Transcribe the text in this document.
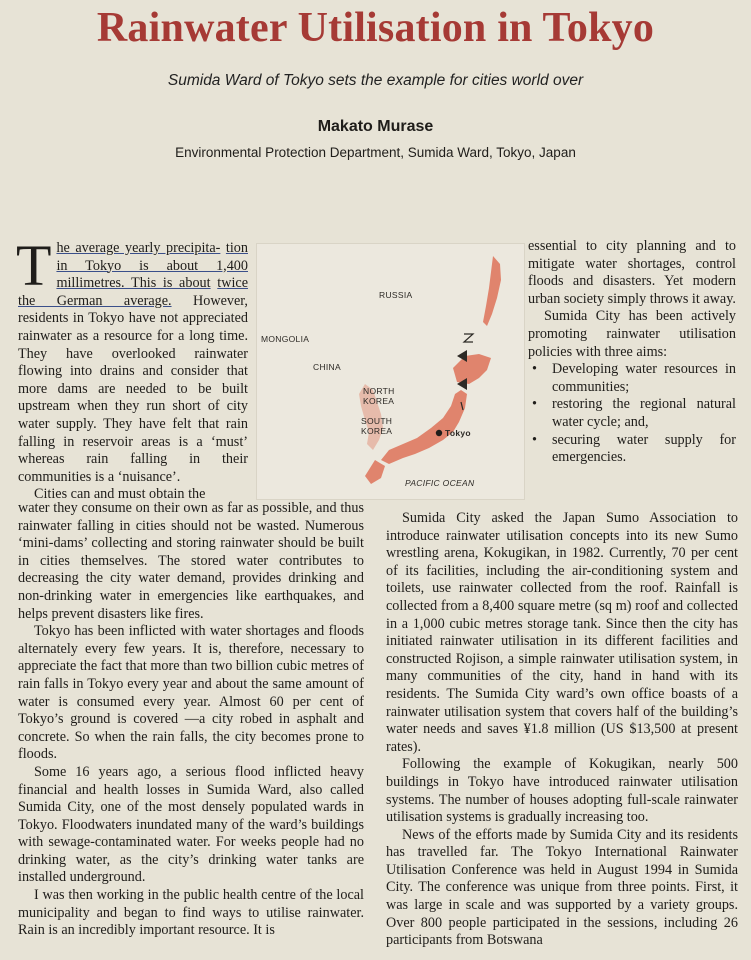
Rainwater Utilisation in Tokyo
Sumida Ward of Tokyo sets the example for cities world over
Makato Murase
Environmental Protection Department, Sumida Ward, Tokyo, Japan

The average yearly precipita- tion in Tokyo is about 1,400 millimetres. This is about twice the German average. However, residents in Tokyo have not appreciated rainwater as a resource for a long time. They have overlooked rainwater flowing into drains and consider that more dams are needed to be built upstream when they run short of city water supply. They have felt that rain falling in reservoir areas is a ‘must’ whereas rain falling in their communities is a ‘nuisance’.

Cities can and must obtain the

RUSSIA
MONGOLIA
CHINA
NORTH
KOREA
SOUTH
KOREA	Tokyo
PACIFIC OCEAN

water they consume on their own as far as possible, and thus rainwater falling in cities should not be wasted. Numerous ‘mini-dams’ collecting and storing rainwater should be built in cities themselves. The stored water contributes to decreasing the city water demand, provides drinking and non-drinking water in emergencies like earthquakes, and helps prevent disasters like fires.

Tokyo has been inflicted with water shortages and floods alternately every few years. It is, therefore, necessary to appreciate the fact that more than two billion cubic metres of rain falls in Tokyo every year and about the same amount of water is consumed every year. Almost 60 per cent of Tokyo’s ground is covered —a city robed in asphalt and concrete. So when the rain falls, the city becomes prone to floods.

Some 16 years ago, a serious flood inflicted heavy financial and health losses in Sumida Ward, also called Sumida City, one of the most densely populated wards in Tokyo. Floodwaters inundated many of the ward’s buildings with sewage-contaminated water. For weeks people had no drinking water, as the city’s drinking water tanks are installed underground.

I was then working in the public health centre of the local municipality and began to find ways to utilise rainwater. Rain is an incredibly important resource. It is

essential to city planning and to mitigate water shortages, control floods and disasters. Yet modern urban society simply throws it away.

Sumida City has been actively promoting rainwater utilisation policies with three aims:

• Developing water resources in communities;
• restoring the regional natural water cycle; and,
• securing water supply for emergencies.

Sumida City asked the Japan Sumo Association to introduce rainwater utilisation concepts into its new Sumo wrestling arena, Kokugikan, in 1982. Currently, 70 per cent of its facilities, including the air-conditioning system and toilets, use rainwater collected from the roof. Rainfall is collected from a 8,400 square metre (sq m) roof and collected in a 1,000 cubic metres storage tank. Since then the city has initiated rainwater utilisation in its different facilities and constructed Rojison, a simple rainwater utilisation system, in many communities of the city, hand in hand with its residents. The Sumida City ward’s own office boasts of a rainwater utilisation system that covers half of the building’s water needs and saves ¥1.8 million (US $13,500 at present rates).

Following the example of Kokugikan, nearly 500 buildings in Tokyo have introduced rainwater utilisation systems. The number of houses adopting full-scale rainwater utilisation systems is gradually increasing too.

News of the efforts made by Sumida City and its residents has travelled far. The Tokyo International Rainwater Utilisation Conference was held in August 1994 in Sumida City. The conference was unique from three points. First, it was large in scale and was supported by a variety groups. Over 800 people participated in the sessions, including 26 participants from Botswana
